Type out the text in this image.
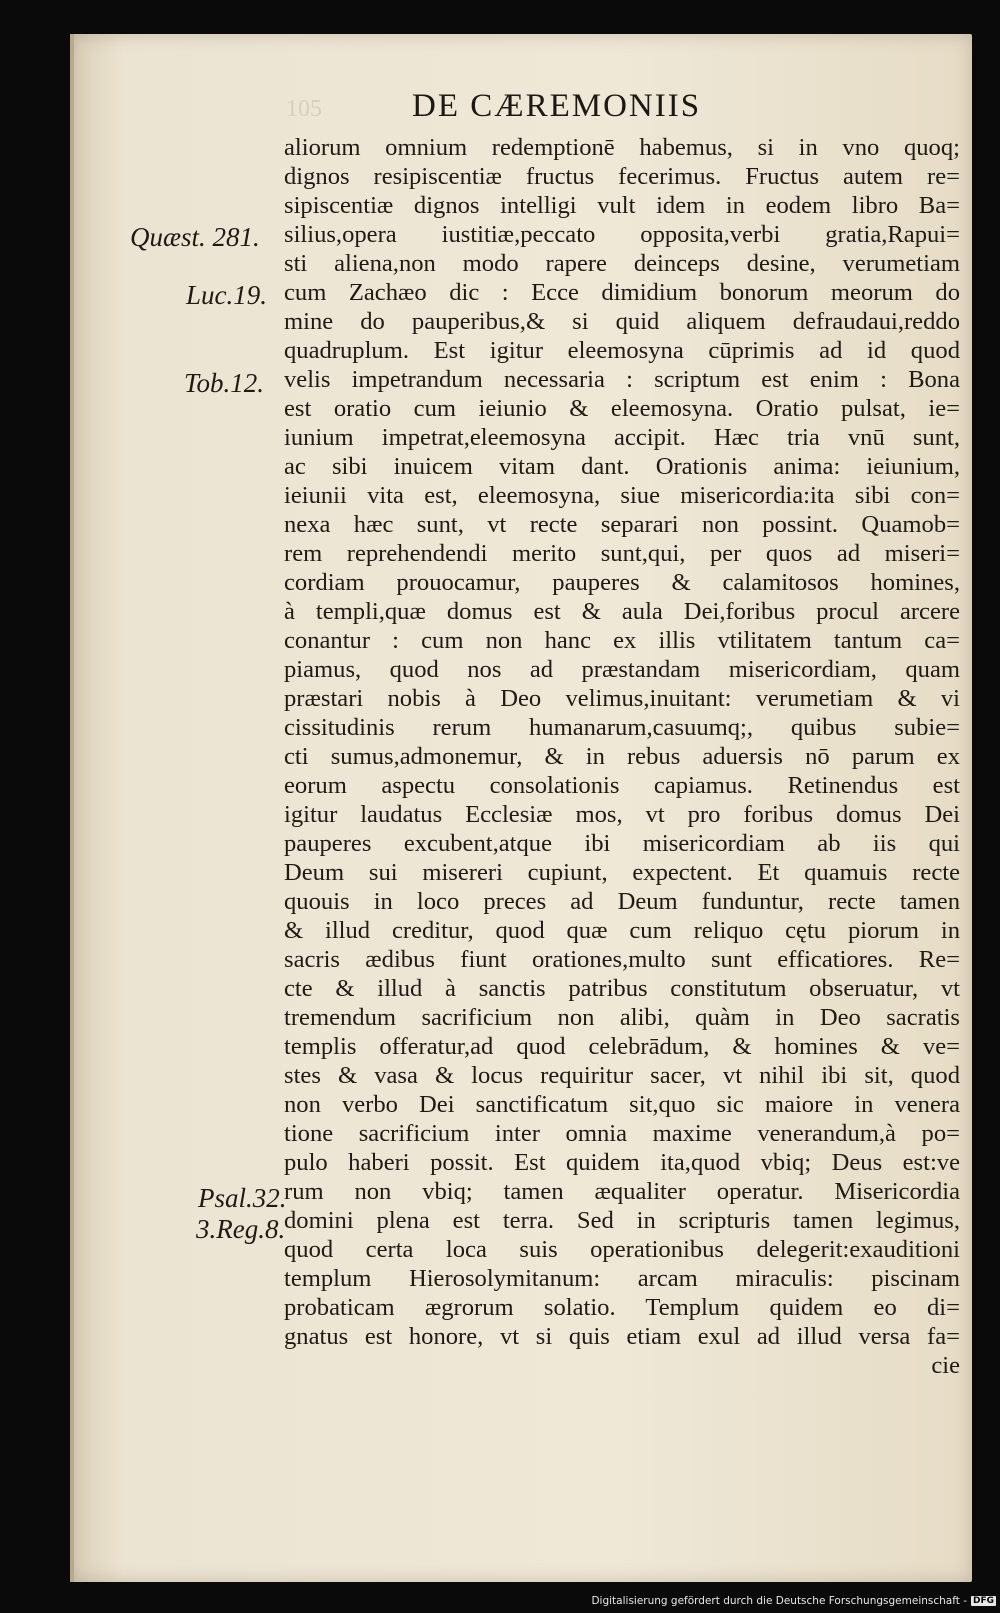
105	DE CÆREMONIIS
Quæst. 281.
Luc.19.
Tob.12.
Psal.32.
3.Reg.8.
aliorum omnium redemptionē habemus, si in vno quoq;
dignos resipiscentiæ fructus fecerimus. Fructus autem re=
sipiscentiæ dignos intelligi vult idem in eodem libro Ba=
silius,opera iustitiæ,peccato opposita,verbi gratia,Rapui=
sti aliena,non modo rapere deinceps desine, verumetiam
cum Zachæo dic : Ecce dimidium bonorum meorum do
mine do pauperibus,& si quid aliquem defraudaui,reddo
quadruplum. Est igitur eleemosyna cūprimis ad id quod
velis impetrandum necessaria : scriptum est enim : Bona
est oratio cum ieiunio & eleemosyna. Oratio pulsat, ie=
iunium impetrat,eleemosyna accipit. Hæc tria vnū sunt,
ac sibi inuicem vitam dant. Orationis anima: ieiunium,
ieiunii vita est, eleemosyna, siue misericordia:ita sibi con=
nexa hæc sunt, vt recte separari non possint. Quamob=
rem reprehendendi merito sunt,qui, per quos ad miseri=
cordiam prouocamur, pauperes & calamitosos homines,
à templi,quæ domus est & aula Dei,foribus procul arcere
conantur : cum non hanc ex illis vtilitatem tantum ca=
piamus, quod nos ad præstandam misericordiam, quam
præstari nobis à Deo velimus,inuitant: verumetiam & vi
cissitudinis rerum humanarum,casuumq;, quibus subie=
cti sumus,admonemur, & in rebus aduersis nō parum ex
eorum aspectu consolationis capiamus. Retinendus est
igitur laudatus Ecclesiæ mos, vt pro foribus domus Dei
pauperes excubent,atque ibi misericordiam ab iis qui
Deum sui misereri cupiunt, expectent. Et quamuis recte
quouis in loco preces ad Deum funduntur, recte tamen
& illud creditur, quod quæ cum reliquo cętu piorum in
sacris ædibus fiunt orationes,multo sunt efficatiores. Re=
cte & illud à sanctis patribus constitutum obseruatur, vt
tremendum sacrificium non alibi, quàm in Deo sacratis
templis offeratur,ad quod celebrādum, & homines & ve=
stes & vasa & locus requiritur sacer, vt nihil ibi sit, quod
non verbo Dei sanctificatum sit,quo sic maiore in venera
tione sacrificium inter omnia maxime venerandum,à po=
pulo haberi possit. Est quidem ita,quod vbiq; Deus est:ve
rum non vbiq; tamen æqualiter operatur. Misericordia
domini plena est terra. Sed in scripturis tamen legimus,
quod certa loca suis operationibus delegerit:exauditioni
templum Hierosolymitanum: arcam miraculis: piscinam
probaticam ægrorum solatio. Templum quidem eo di=
gnatus est honore, vt si quis etiam exul ad illud versa fa=
cie
Digitalisierung gefördert durch die Deutsche Forschungsgemeinschaft - DFG
